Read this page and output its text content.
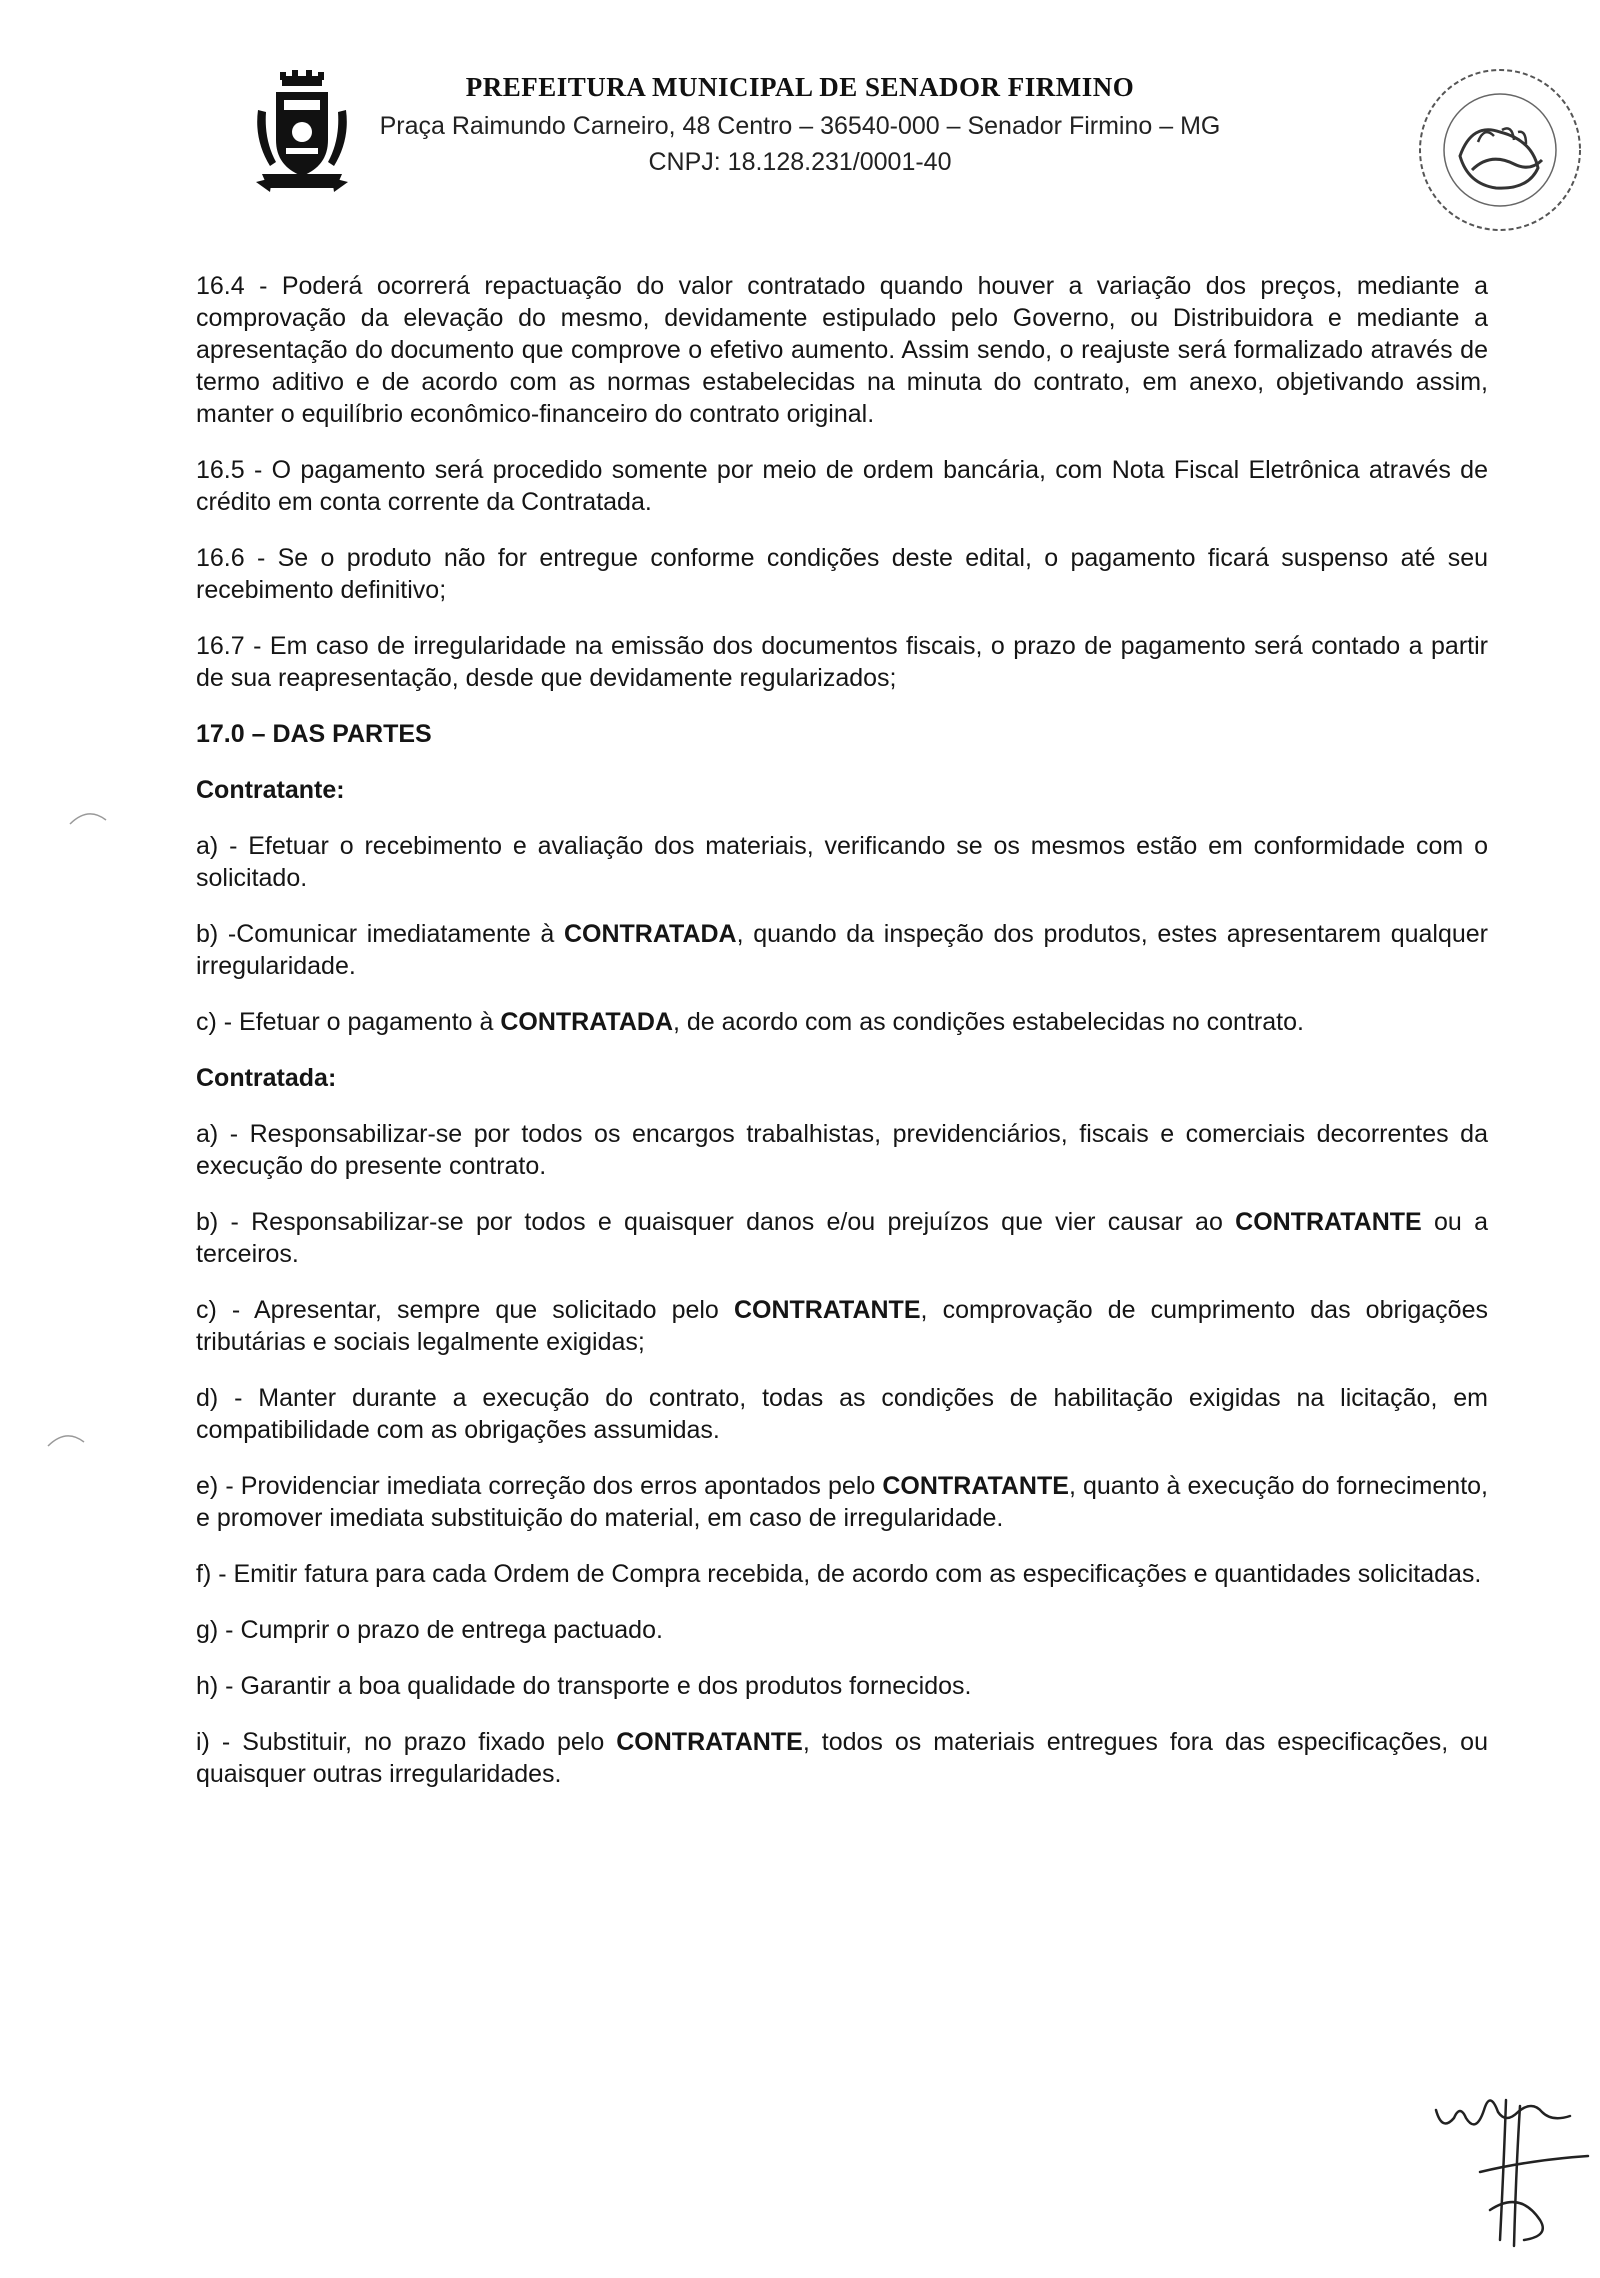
PREFEITURA MUNICIPAL DE SENADOR FIRMINO
Praça Raimundo Carneiro, 48 Centro – 36540-000 – Senador Firmino – MG
CNPJ: 18.128.231/0001-40

16.4 - Poderá ocorrerá repactuação do valor contratado quando houver a variação dos preços, mediante a comprovação da elevação do mesmo, devidamente estipulado pelo Governo, ou Distribuidora e mediante a apresentação do documento que comprove o efetivo aumento. Assim sendo, o reajuste será formalizado através de termo aditivo e de acordo com as normas estabelecidas na minuta do contrato, em anexo, objetivando assim, manter o equilíbrio econômico-financeiro do contrato original.

16.5 - O pagamento será procedido somente por meio de ordem bancária, com Nota Fiscal Eletrônica através de crédito em conta corrente da Contratada.

16.6 - Se o produto não for entregue conforme condições deste edital, o pagamento ficará suspenso até seu recebimento definitivo;

16.7 - Em caso de irregularidade na emissão dos documentos fiscais, o prazo de pagamento será contado a partir de sua reapresentação, desde que devidamente regularizados;

17.0 – DAS PARTES
Contratante:

a) - Efetuar o recebimento e avaliação dos materiais, verificando se os mesmos estão em conformidade com o solicitado.

b) -Comunicar imediatamente à CONTRATADA, quando da inspeção dos produtos, estes apresentarem qualquer irregularidade.

c) - Efetuar o pagamento à CONTRATADA, de acordo com as condições estabelecidas no contrato.

Contratada:

a) - Responsabilizar-se por todos os encargos trabalhistas, previdenciários, fiscais e comerciais decorrentes da execução do presente contrato.

b) - Responsabilizar-se por todos e quaisquer danos e/ou prejuízos que vier causar ao CONTRATANTE ou a terceiros.

c) - Apresentar, sempre que solicitado pelo CONTRATANTE, comprovação de cumprimento das obrigações tributárias e sociais legalmente exigidas;

d) - Manter durante a execução do contrato, todas as condições de habilitação exigidas na licitação, em compatibilidade com as obrigações assumidas.

e) - Providenciar imediata correção dos erros apontados pelo CONTRATANTE, quanto à execução do fornecimento, e promover imediata substituição do material, em caso de irregularidade.

f) - Emitir fatura para cada Ordem de Compra recebida, de acordo com as especificações e quantidades solicitadas.

g) - Cumprir o prazo de entrega pactuado.

h) - Garantir a boa qualidade do transporte e dos produtos fornecidos.

i) - Substituir, no prazo fixado pelo CONTRATANTE, todos os materiais entregues fora das especificações, ou quaisquer outras irregularidades.
